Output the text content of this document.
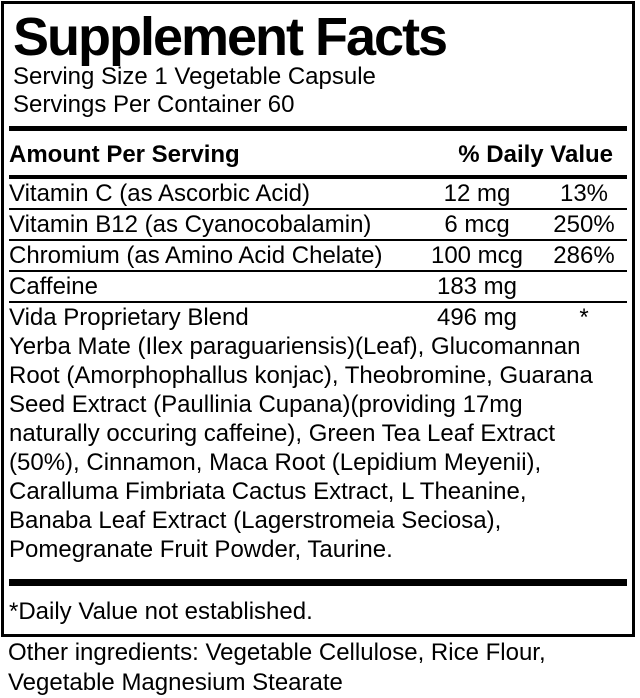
Supplement Facts
Serving Size 1 Vegetable Capsule
Servings Per Container 60
Amount Per Serving	% Daily Value
Vitamin C (as Ascorbic Acid)	12 mg	13%
Vitamin B12 (as Cyanocobalamin)	6 mcg	250%
Chromium (as Amino Acid Chelate)	100 mcg	286%
Caffeine	183 mg
Vida Proprietary Blend	496 mg	*
Yerba Mate (Ilex paraguariensis)(Leaf), Glucomannan Root (Amorphophallus konjac), Theobromine, Guarana Seed Extract (Paullinia Cupana)(providing 17mg naturally occuring caffeine), Green Tea Leaf Extract (50%), Cinnamon, Maca Root (Lepidium Meyenii), Caralluma Fimbriata Cactus Extract, L Theanine, Banaba Leaf Extract (Lagerstromeia Seciosa), Pomegranate Fruit Powder, Taurine.
*Daily Value not established.
Other ingredients: Vegetable Cellulose, Rice Flour, Vegetable Magnesium Stearate
